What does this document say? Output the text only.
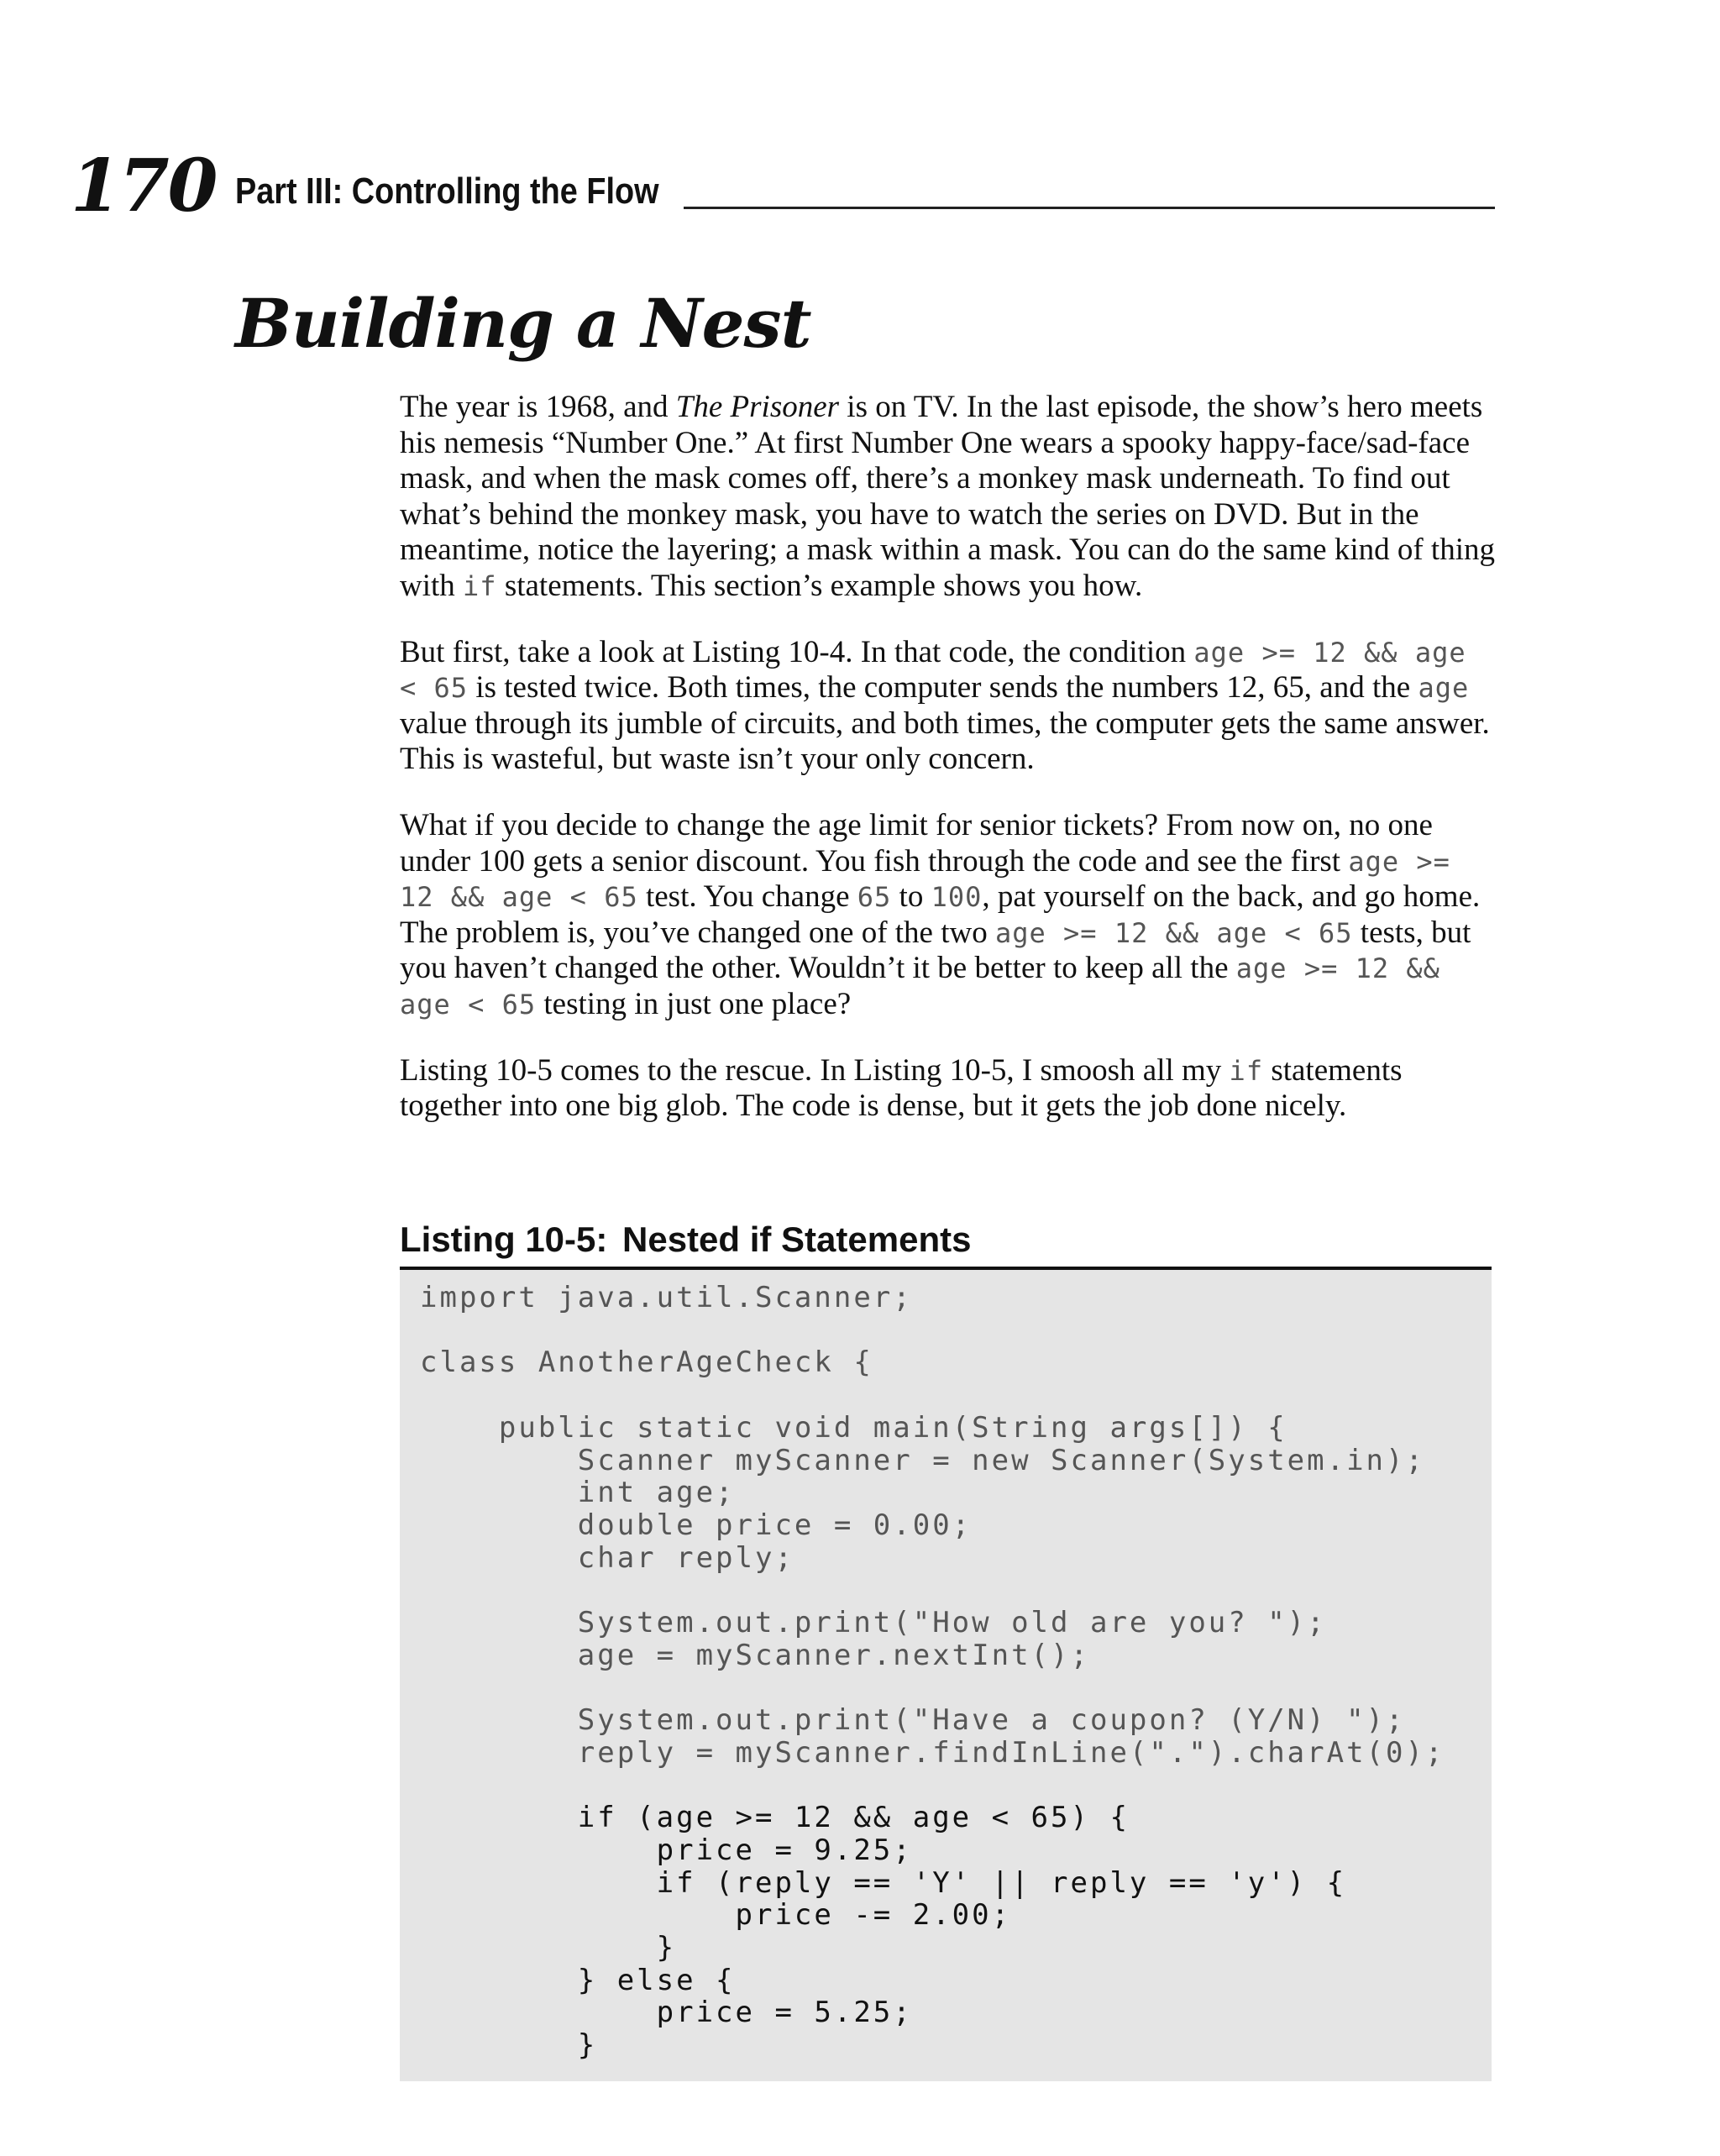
170 Part III: Controlling the Flow
Building a Nest

The year is 1968, and The Prisoner is on TV. In the last episode, the show’s hero meets his nemesis “Number One.” At first Number One wears a spooky happy-face/sad-face mask, and when the mask comes off, there’s a monkey mask underneath. To find out what’s behind the monkey mask, you have to watch the series on DVD. But in the meantime, notice the layering; a mask within a mask. You can do the same kind of thing with if statements. This section’s example shows you how.

But first, take a look at Listing 10-4. In that code, the condition age >= 12 && age < 65 is tested twice. Both times, the computer sends the numbers 12, 65, and the age value through its jumble of circuits, and both times, the computer gets the same answer. This is wasteful, but waste isn’t your only concern.

What if you decide to change the age limit for senior tickets? From now on, no one under 100 gets a senior discount. You fish through the code and see the first age >= 12 && age < 65 test. You change 65 to 100, pat yourself on the back, and go home. The problem is, you’ve changed one of the two age >= 12 && age < 65 tests, but you haven’t changed the other. Wouldn’t it be better to keep all the age >= 12 && age < 65 testing in just one place?

Listing 10-5 comes to the rescue. In Listing 10-5, I smoosh all my if statements together into one big glob. The code is dense, but it gets the job done nicely.

Listing 10-5: Nested if Statements
import java.util.Scanner;

class AnotherAgeCheck {

public static void main(String args[]) {
Scanner myScanner = new Scanner(System.in);
int age;
double price = 0.00;
char reply;

System.out.print("How old are you? ");
age = myScanner.nextInt();

System.out.print("Have a coupon? (Y/N) ");
reply = myScanner.findInLine(".").charAt(0);

if (age >= 12 && age < 65) {
price = 9.25;
if (reply == 'Y' || reply == 'y') {
price -= 2.00;
}
} else {
price = 5.25;
}
